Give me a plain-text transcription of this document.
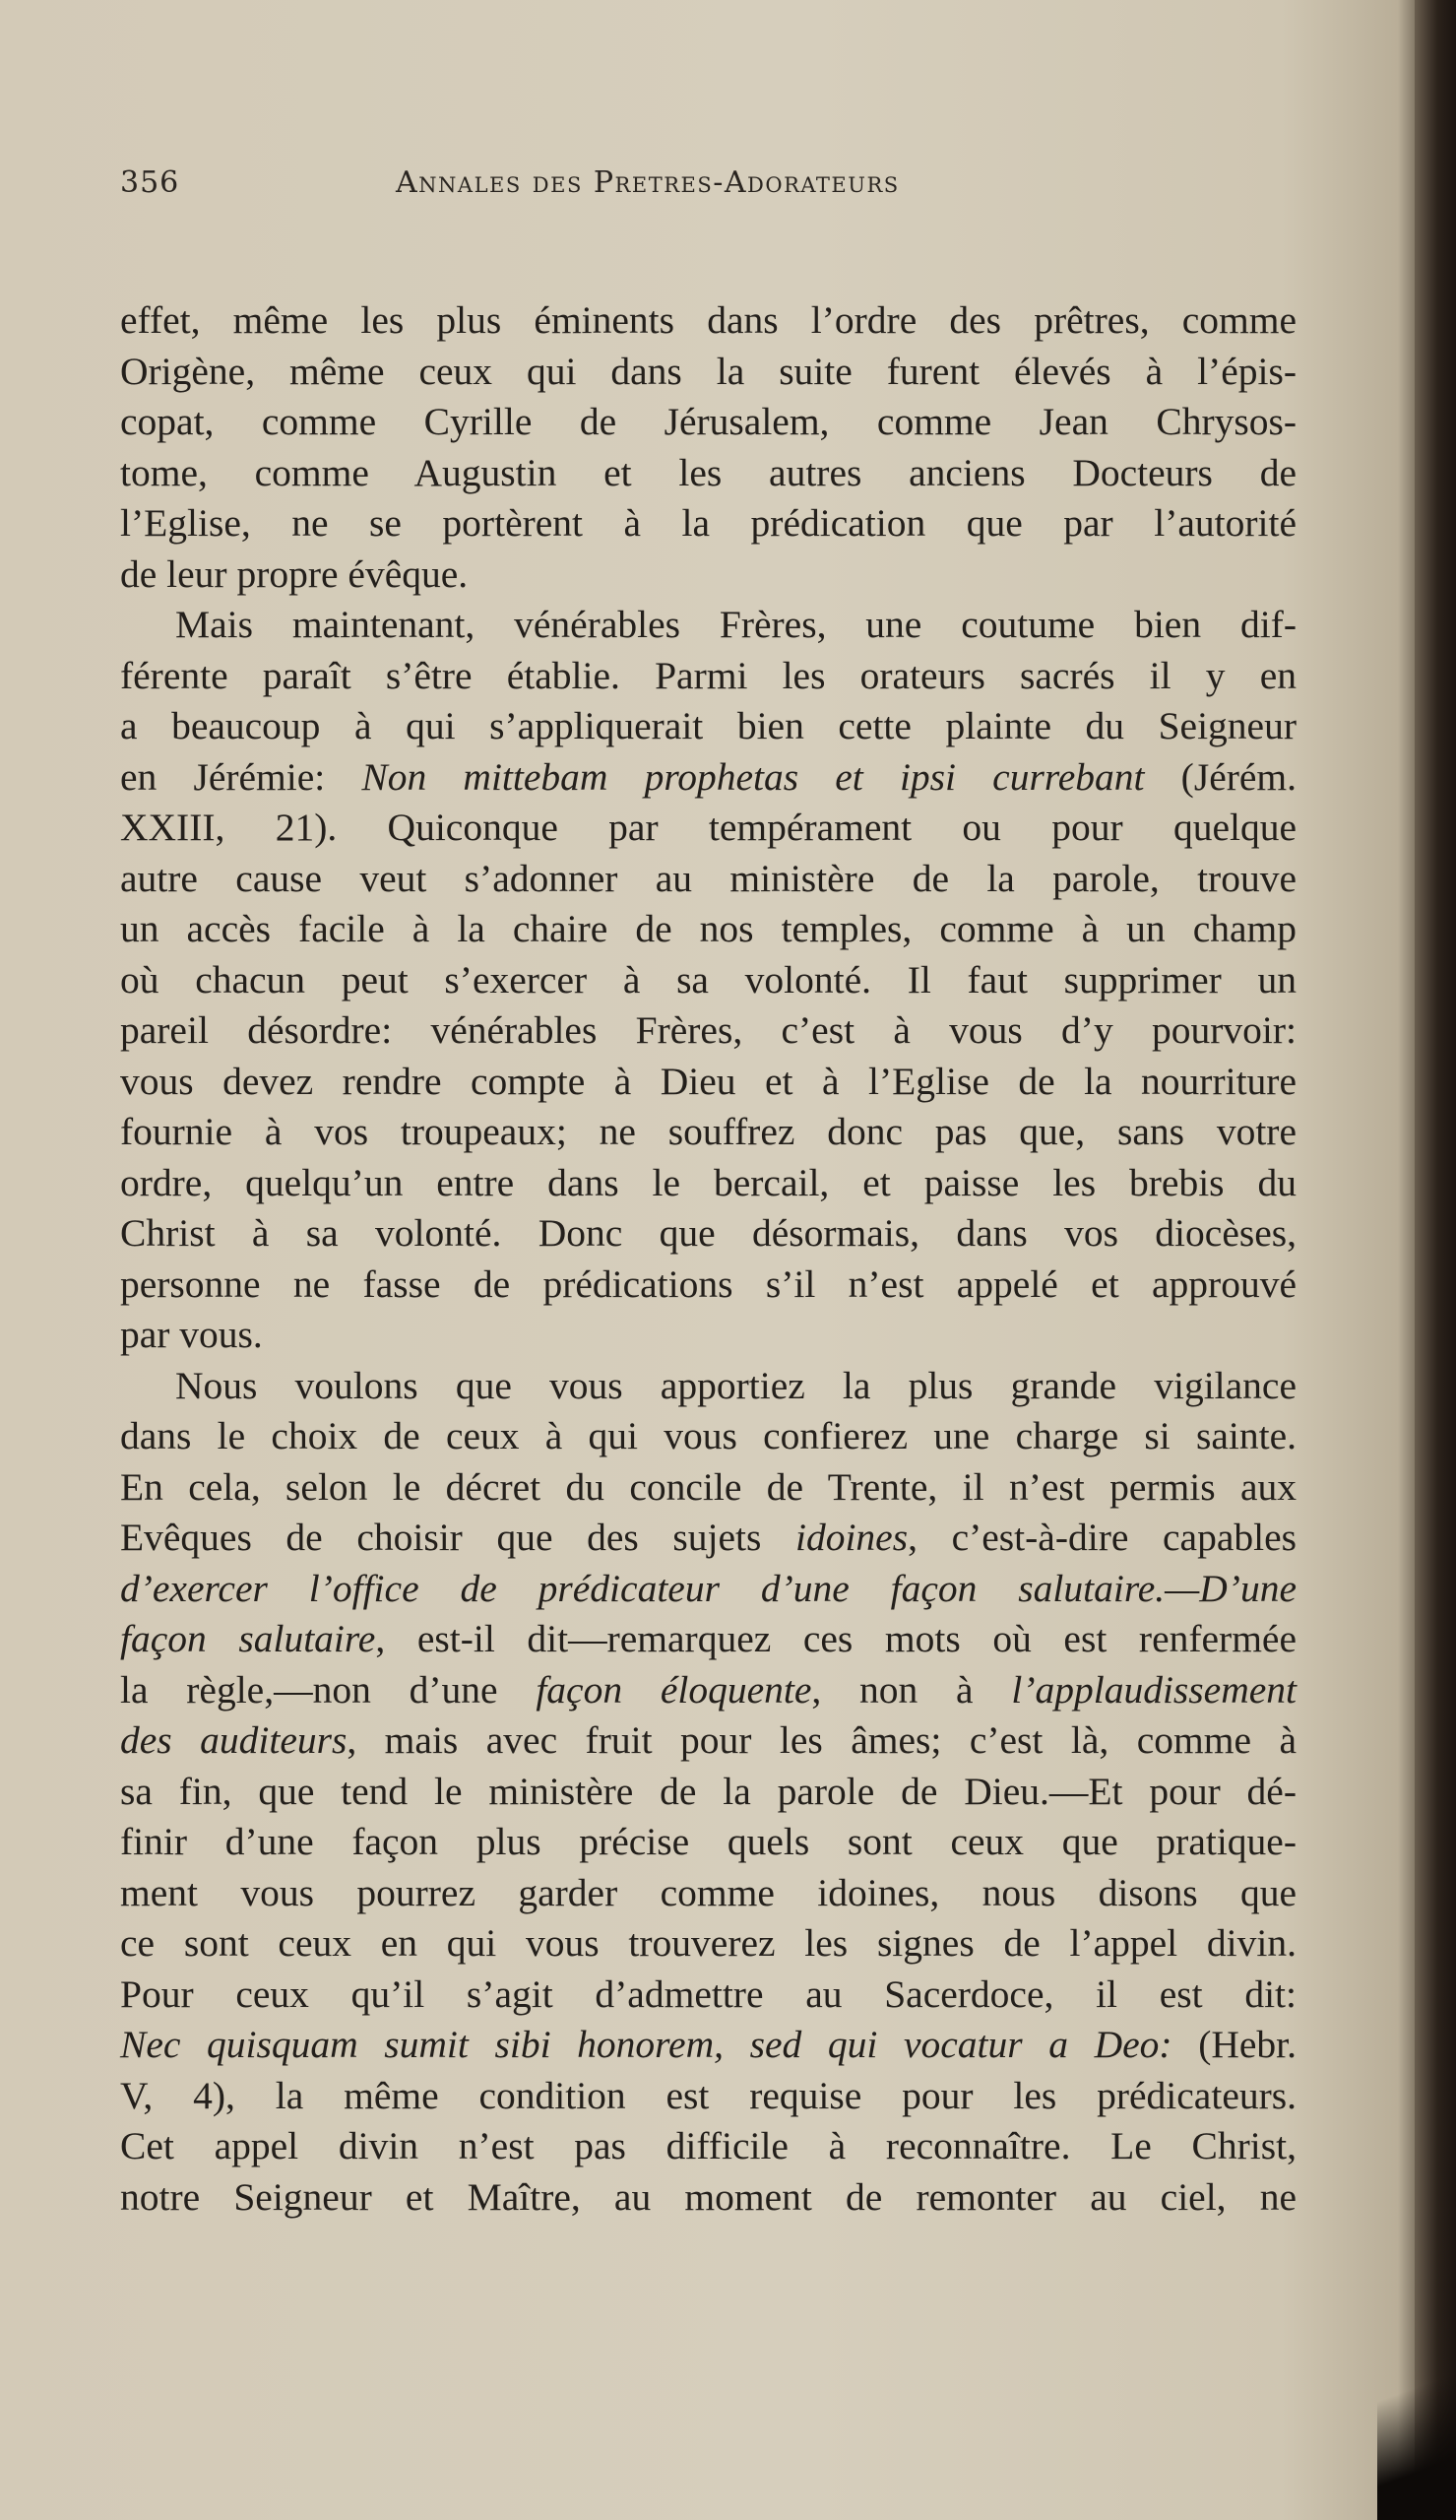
356	Annales des Pretres-Adorateurs
effet, même les plus éminents dans l’ordre des prêtres, comme
Origène, même ceux qui dans la suite furent élevés à l’épis-
copat, comme Cyrille de Jérusalem, comme Jean Chrysos-
tome, comme Augustin et les autres anciens Docteurs de
l’Eglise, ne se portèrent à la prédication que par l’autorité
de leur propre évêque.
Mais maintenant, vénérables Frères, une coutume bien dif-
férente paraît s’être établie. Parmi les orateurs sacrés il y en
a beaucoup à qui s’appliquerait bien cette plainte du Seigneur
en Jérémie: Non mittebam prophetas et ipsi currebant (Jérém.
XXIII, 21). Quiconque par tempérament ou pour quelque
autre cause veut s’adonner au ministère de la parole, trouve
un accès facile à la chaire de nos temples, comme à un champ
où chacun peut s’exercer à sa volonté. Il faut supprimer un
pareil désordre: vénérables Frères, c’est à vous d’y pourvoir:
vous devez rendre compte à Dieu et à l’Eglise de la nourriture
fournie à vos troupeaux; ne souffrez donc pas que, sans votre
ordre, quelqu’un entre dans le bercail, et paisse les brebis du
Christ à sa volonté. Donc que désormais, dans vos diocèses,
personne ne fasse de prédications s’il n’est appelé et approuvé
par vous.
Nous voulons que vous apportiez la plus grande vigilance
dans le choix de ceux à qui vous confierez une charge si sainte.
En cela, selon le décret du concile de Trente, il n’est permis aux
Evêques de choisir que des sujets idoines, c’est-à-dire capables
d’exercer l’office de prédicateur d’une façon salutaire.—D’une
façon salutaire, est-il dit—remarquez ces mots où est renfermée
la règle,—non d’une façon éloquente, non à l’applaudissement
des auditeurs, mais avec fruit pour les âmes; c’est là, comme à
sa fin, que tend le ministère de la parole de Dieu.—Et pour dé-
finir d’une façon plus précise quels sont ceux que pratique-
ment vous pourrez garder comme idoines, nous disons que
ce sont ceux en qui vous trouverez les signes de l’appel divin.
Pour ceux qu’il s’agit d’admettre au Sacerdoce, il est dit:
Nec quisquam sumit sibi honorem, sed qui vocatur a Deo: (Hebr.
V, 4), la même condition est requise pour les prédicateurs.
Cet appel divin n’est pas difficile à reconnaître. Le Christ,
notre Seigneur et Maître, au moment de remonter au ciel, ne
